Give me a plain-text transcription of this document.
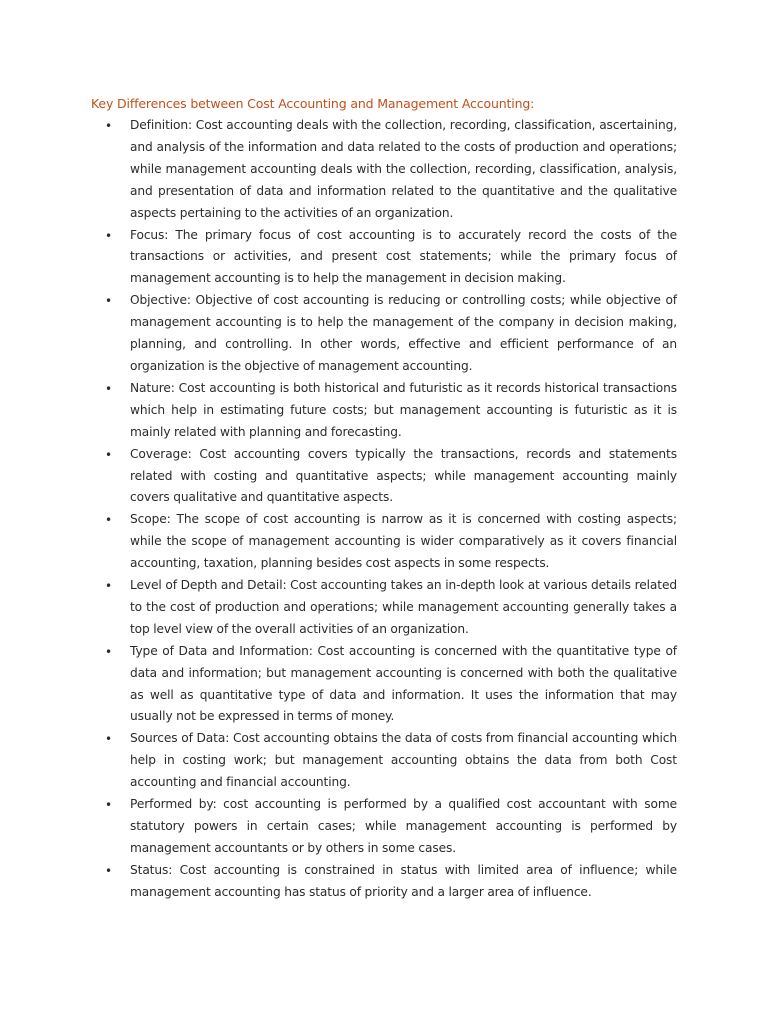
Key Differences between Cost Accounting and Management Accounting:
• Definition: Cost accounting deals with the collection, recording, classification, ascertaining, and analysis of the information and data related to the costs of production and operations; while management accounting deals with the collection, recording, classification, analysis, and presentation of data and information related to the quantitative and the qualitative aspects pertaining to the activities of an organization.
• Focus: The primary focus of cost accounting is to accurately record the costs of the transactions or activities, and present cost statements; while the primary focus of management accounting is to help the management in decision making.
• Objective: Objective of cost accounting is reducing or controlling costs; while objective of management accounting is to help the management of the company in decision making, planning, and controlling. In other words, effective and efficient performance of an organization is the objective of management accounting.
• Nature: Cost accounting is both historical and futuristic as it records historical transactions which help in estimating future costs; but management accounting is futuristic as it is mainly related with planning and forecasting.
• Coverage: Cost accounting covers typically the transactions, records and statements related with costing and quantitative aspects; while management accounting mainly covers qualitative and quantitative aspects.
• Scope: The scope of cost accounting is narrow as it is concerned with costing aspects; while the scope of management accounting is wider comparatively as it covers financial accounting, taxation, planning besides cost aspects in some respects.
• Level of Depth and Detail: Cost accounting takes an in-depth look at various details related to the cost of production and operations; while management accounting generally takes a top level view of the overall activities of an organization.
• Type of Data and Information: Cost accounting is concerned with the quantitative type of data and information; but management accounting is concerned with both the qualitative as well as quantitative type of data and information. It uses the information that may usually not be expressed in terms of money.
• Sources of Data: Cost accounting obtains the data of costs from financial accounting which help in costing work; but management accounting obtains the data from both Cost accounting and financial accounting.
• Performed by: cost accounting is performed by a qualified cost accountant with some statutory powers in certain cases; while management accounting is performed by management accountants or by others in some cases.
• Status: Cost accounting is constrained in status with limited area of influence; while management accounting has status of priority and a larger area of influence.
